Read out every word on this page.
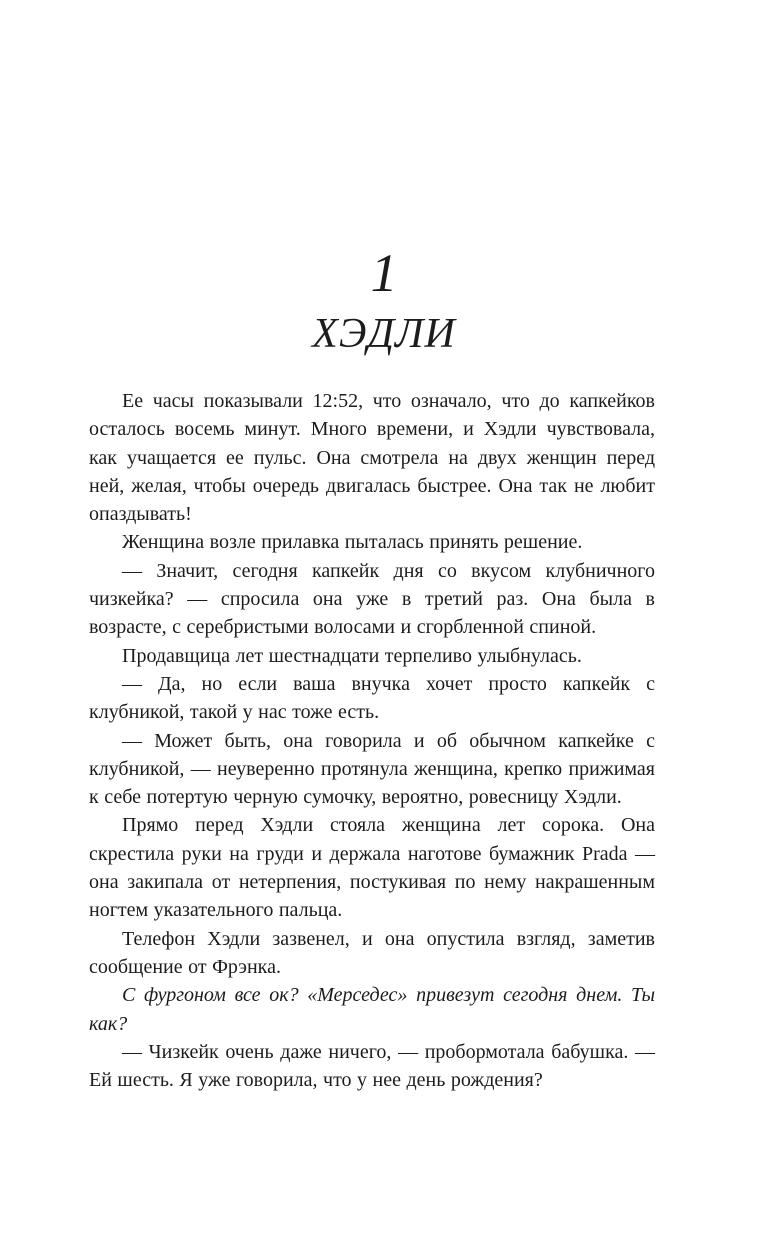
1
ХЭДЛИ

Ее часы показывали 12:52, что означало, что до капкейков осталось восемь минут. Много времени, и Хэдли чувствовала, как учащается ее пульс. Она смотрела на двух женщин перед ней, желая, чтобы очередь двигалась быстрее. Она так не любит опаздывать!

Женщина возле прилавка пыталась принять решение.

— Значит, сегодня капкейк дня со вкусом клубничного чизкейка? — спросила она уже в третий раз. Она была в возрасте, с серебристыми волосами и сгорбленной спиной.

Продавщица лет шестнадцати терпеливо улыбнулась.

— Да, но если ваша внучка хочет просто капкейк с клубникой, такой у нас тоже есть.

— Может быть, она говорила и об обычном капкейке с клубникой, — неуверенно протянула женщина, крепко прижимая к себе потертую черную сумочку, вероятно, ровесницу Хэдли.

Прямо перед Хэдли стояла женщина лет сорока. Она скрестила руки на груди и держала наготове бумажник Prada — она закипала от нетерпения, постукивая по нему накрашенным ногтем указательного пальца.

Телефон Хэдли зазвенел, и она опустила взгляд, заметив сообщение от Фрэнка.

С фургоном все ок? «Мерседес» привезут сегодня днем. Ты как?

— Чизкейк очень даже ничего, — пробормотала бабушка. — Ей шесть. Я уже говорила, что у нее день рождения?
